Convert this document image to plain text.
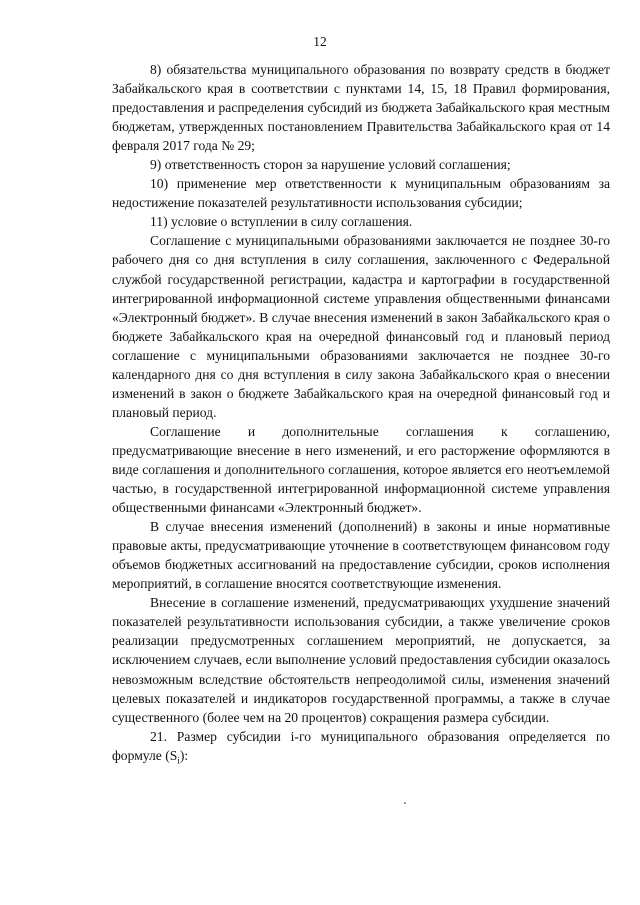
12

8) обязательства муниципального образования по возврату средств в бюджет Забайкальского края в соответствии с пунктами 14, 15, 18 Правил формирования, предоставления и распределения субсидий из бюджета Забайкальского края местным бюджетам, утвержденных постановлением Правительства Забайкальского края от 14 февраля 2017 года № 29;

9) ответственность сторон за нарушение условий соглашения;

10) применение мер ответственности к муниципальным образованиям за недостижение показателей результативности использования субсидии;

11) условие о вступлении в силу соглашения.

Соглашение с муниципальными образованиями заключается не позднее 30-го рабочего дня со дня вступления в силу соглашения, заключенного с Федеральной службой государственной регистрации, кадастра и картографии в государственной интегрированной информационной системе управления общественными финансами «Электронный бюджет». В случае внесения изменений в закон Забайкальского края о бюджете Забайкальского края на очередной финансовый год и плановый период соглашение с муниципальными образованиями заключается не позднее 30-го календарного дня со дня вступления в силу закона Забайкальского края о внесении изменений в закон о бюджете Забайкальского края на очередной финансовый год и плановый период.

Соглашение и дополнительные соглашения к соглашению, предусматривающие внесение в него изменений, и его расторжение оформляются в виде соглашения и дополнительного соглашения, которое является его неотъемлемой частью, в государственной интегрированной информационной системе управления общественными финансами «Электронный бюджет».

В случае внесения изменений (дополнений) в законы и иные нормативные правовые акты, предусматривающие уточнение в соответствующем финансовом году объемов бюджетных ассигнований на предоставление субсидии, сроков исполнения мероприятий, в соглашение вносятся соответствующие изменения.

Внесение в соглашение изменений, предусматривающих ухудшение значений показателей результативности использования субсидии, а также увеличение сроков реализации предусмотренных соглашением мероприятий, не допускается, за исключением случаев, если выполнение условий предоставления субсидии оказалось невозможным вследствие обстоятельств непреодолимой силы, изменения значений целевых показателей и индикаторов государственной программы, а также в случае существенного (более чем на 20 процентов) сокращения размера субсидии.

21. Размер субсидии i-го муниципального образования определяется по формуле $(S_i)$:
